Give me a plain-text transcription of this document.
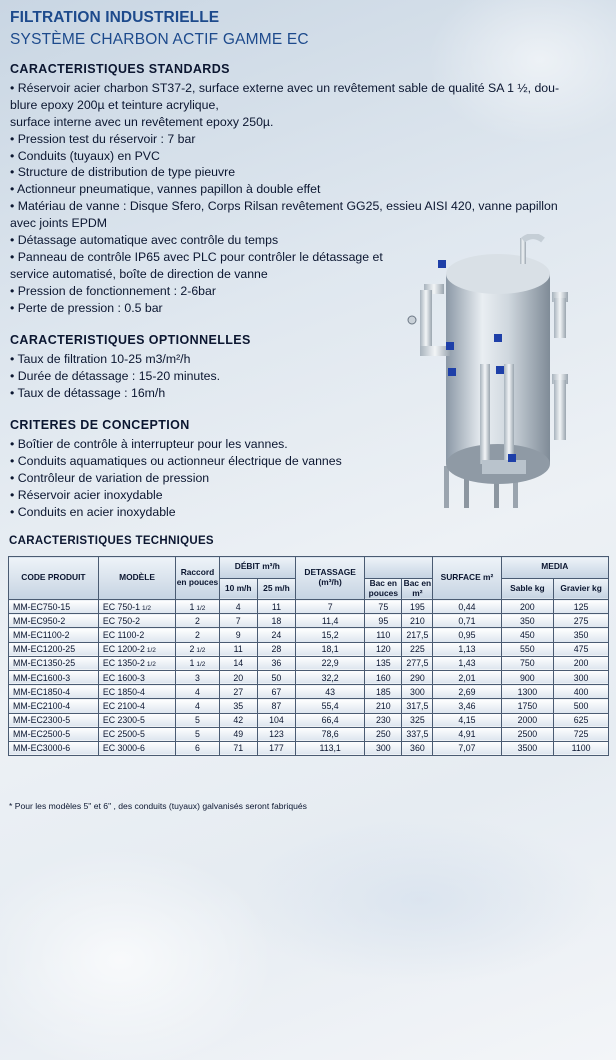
FILTRATION INDUSTRIELLE
SYSTÈME CHARBON ACTIF GAMME EC
CARACTERISTIQUES STANDARDS

• Réservoir acier charbon ST37-2, surface externe avec un revêtement sable de qualité SA 1 ½, dou-

blure epoxy 200µ et teinture acrylique,

surface interne avec un revêtement epoxy 250µ.

• Pression test du réservoir : 7 bar

• Conduits (tuyaux) en PVC

• Structure de distribution de type pieuvre

• Actionneur pneumatique, vannes papillon à double effet

• Matériau de vanne : Disque Sfero, Corps Rilsan revêtement GG25, essieu AISI 420, vanne papillon

avec joints EPDM

• Détassage automatique avec contrôle du temps

• Panneau de contrôle IP65 avec PLC pour contrôler le détassage et

service automatisé, boîte de direction de vanne

• Pression de fonctionnement : 2-6bar

• Perte de pression : 0.5 bar

CARACTERISTIQUES OPTIONNELLES

• Taux de filtration 10-25 m3/m²/h

• Durée de détassage : 15-20 minutes.

• Taux de détassage : 16m/h

CRITERES DE CONCEPTION

• Boîtier de contrôle à interrupteur pour les vannes.

• Conduits aquamatiques ou actionneur électrique de vannes

• Contrôleur de variation de pression

• Réservoir acier inoxydable

• Conduits en acier inoxydable

CARACTERISTIQUES TECHNIQUES
CODE PRODUIT	MODÈLE	Raccord en pouces	DÉBIT m³/h		DETASSAGE (m³/h)			SURFACE m²	MEDIA	
			10 m/h	25 m/h		Bac en pouces	Bac en m²		Sable kg	Gravier kg
MM-EC750-15	EC 750-1 1/2	1 1/2	4	11	7	75	195	0,44	200	125
MM-EC950-2	EC 750-2	2	7	18	11,4	95	210	0,71	350	275
MM-EC1100-2	EC 1100-2	2	9	24	15,2	110	217,5	0,95	450	350
MM-EC1200-25	EC 1200-2 1/2	2 1/2	11	28	18,1	120	225	1,13	550	475
MM-EC1350-25	EC 1350-2 1/2	1 1/2	14	36	22,9	135	277,5	1,43	750	200
MM-EC1600-3	EC 1600-3	3	20	50	32,2	160	290	2,01	900	300
MM-EC1850-4	EC 1850-4	4	27	67	43	185	300	2,69	1300	400
MM-EC2100-4	EC 2100-4	4	35	87	55,4	210	317,5	3,46	1750	500
MM-EC2300-5	EC 2300-5	5	42	104	66,4	230	325	4,15	2000	625
MM-EC2500-5	EC 2500-5	5	49	123	78,6	250	337,5	4,91	2500	725
MM-EC3000-6	EC 3000-6	6	71	177	113,1	300	360	7,07	3500	1100
* Pour les modèles 5" et 6" , des conduits (tuyaux) galvanisés seront fabriqués
